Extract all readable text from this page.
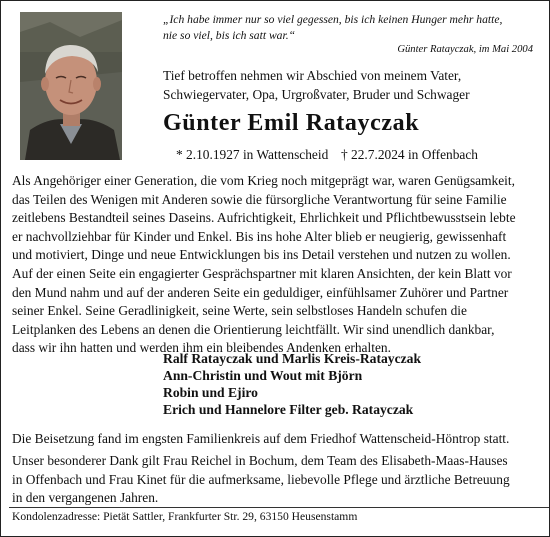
„Ich habe immer nur so viel gegessen, bis ich keinen Hunger mehr hatte,
nie so viel, bis ich satt war.“
Günter Ratayczak, im Mai 2004
Tief betroffen nehmen wir Abschied von meinem Vater,
Schwiegervater, Opa, Urgroßvater, Bruder und Schwager
Günter Emil Ratayczak
* 2.10.1927 in Wattenscheid † 22.7.2024 in Offenbach
Als Angehöriger einer Generation, die vom Krieg noch mitgeprägt war, waren Genügsamkeit,
das Teilen des Wenigen mit Anderen sowie die fürsorgliche Verantwortung für seine Familie
zeitlebens Bestandteil seines Daseins. Aufrichtigkeit, Ehrlichkeit und Pflichtbewusstsein lebte
er nachvollziehbar für Kinder und Enkel. Bis ins hohe Alter blieb er neugierig, gewissenhaft
und motiviert, Dinge und neue Entwicklungen bis ins Detail verstehen und nutzen zu wollen.
Auf der einen Seite ein engagierter Gesprächspartner mit klaren Ansichten, der kein Blatt vor
den Mund nahm und auf der anderen Seite ein geduldiger, einfühlsamer Zuhörer und Partner
seiner Enkel. Seine Geradlinigkeit, seine Werte, sein selbstloses Handeln schufen die
Leitplanken des Lebens an denen die Orientierung leichtfällt. Wir sind unendlich dankbar,
dass wir ihn hatten und werden ihm ein bleibendes Andenken erhalten.
Ralf Ratayczak und Marlis Kreis-Ratayczak
Ann-Christin und Wout mit Björn
Robin und Ejiro
Erich und Hannelore Filter geb. Ratayczak
Die Beisetzung fand im engsten Familienkreis auf dem Friedhof Wattenscheid-Höntrop statt.
Unser besonderer Dank gilt Frau Reichel in Bochum, dem Team des Elisabeth-Maas-Hauses
in Offenbach und Frau Kinet für die aufmerksame, liebevolle Pflege und ärztliche Betreuung
in den vergangenen Jahren.
Kondolenzadresse: Pietät Sattler, Frankfurter Str. 29, 63150 Heusenstamm
